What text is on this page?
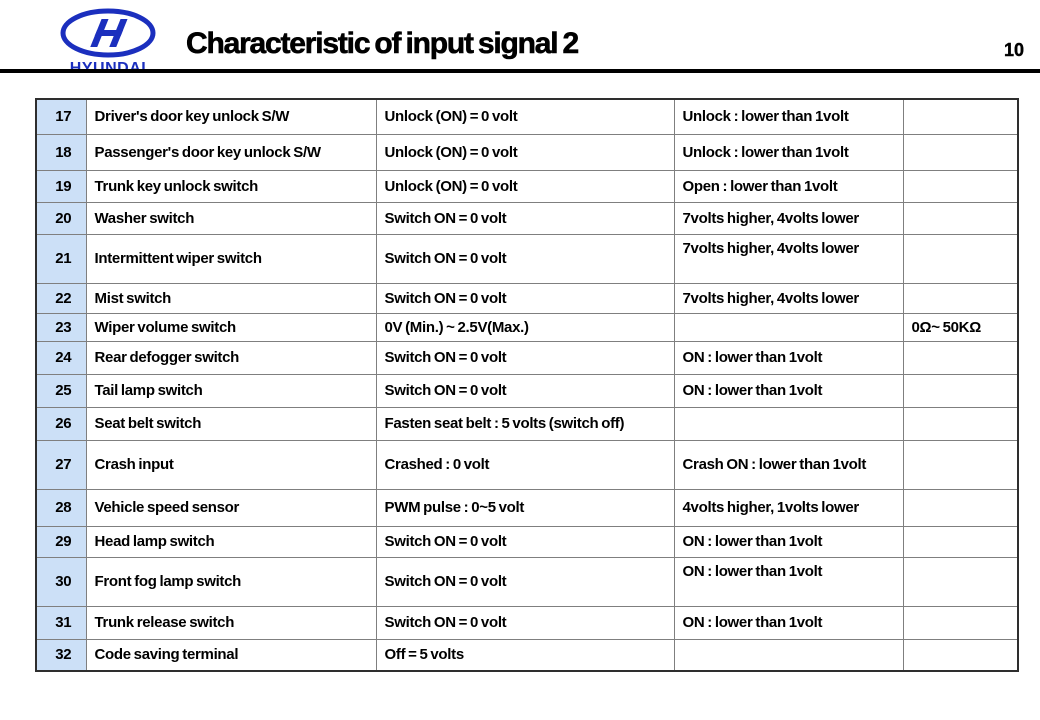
Characteristic of input signal 2	10
17	Driver's door key unlock S/W	Unlock (ON) = 0 volt	Unlock : lower than 1volt	
18	Passenger's door key unlock S/W	Unlock (ON) = 0 volt	Unlock : lower than 1volt	
19	Trunk key unlock switch	Unlock (ON) = 0 volt	Open : lower than 1volt	
20	Washer switch	Switch ON = 0 volt	7volts higher, 4volts lower	
21	Intermittent wiper switch	Switch ON = 0 volt	7volts higher, 4volts lower	
22	Mist switch	Switch ON = 0 volt	7volts higher, 4volts lower	
23	Wiper volume switch	0V (Min.) ~ 2.5V(Max.)		0Ω~ 50KΩ
24	Rear defogger switch	Switch ON = 0 volt	ON : lower than 1volt	
25	Tail lamp switch	Switch ON = 0 volt	ON : lower than 1volt	
26	Seat belt switch	Fasten seat belt : 5 volts (switch off)		
27	Crash input	Crashed : 0 volt	Crash ON : lower than 1volt	
28	Vehicle speed sensor	PWM pulse : 0~5 volt	4volts higher, 1volts lower	
29	Head lamp switch	Switch ON = 0 volt	ON : lower than 1volt	
30	Front fog lamp switch	Switch ON = 0 volt	ON : lower than 1volt	
31	Trunk release switch	Switch ON = 0 volt	ON : lower than 1volt	
32	Code saving terminal	Off = 5 volts		
